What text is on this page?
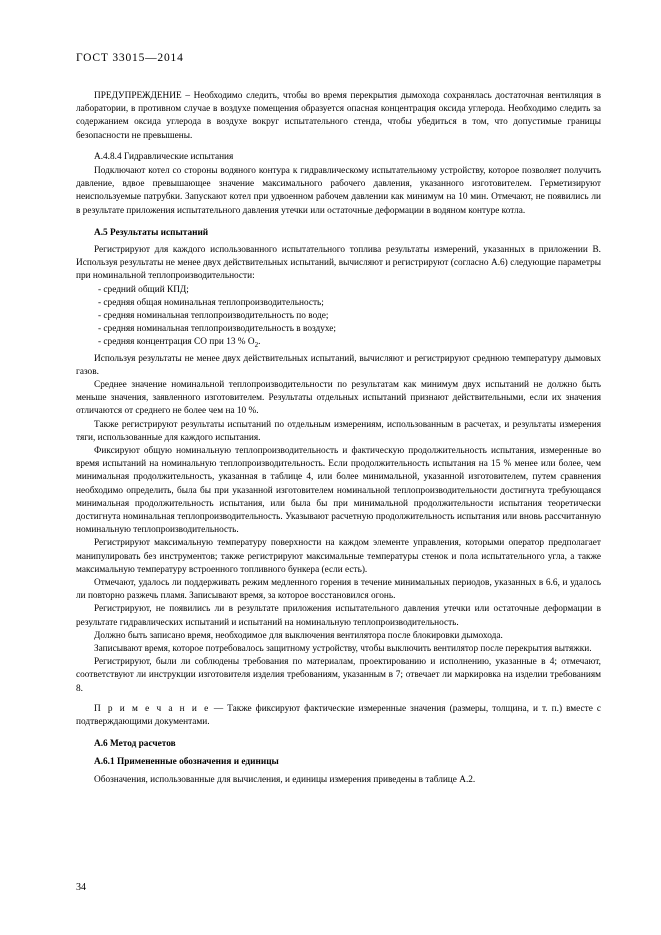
ГОСТ 33015—2014

ПРЕДУПРЕЖДЕНИЕ – Необходимо следить, чтобы во время перекрытия дымохода сохранялась достаточная вентиляция в лаборатории, в противном случае в воздухе помещения образуется опасная концентрация оксида углерода. Необходимо следить за содержанием оксида углерода в воздухе вокруг испытательного стенда, чтобы убедиться в том, что допустимые границы безопасности не превышены.

А.4.8.4 Гидравлические испытания

Подключают котел со стороны водяного контура к гидравлическому испытательному устройству, которое позволяет получить давление, вдвое превышающее значение максимального рабочего давления, указанного изготовителем. Герметизируют неиспользуемые патрубки. Запускают котел при удвоенном рабочем давлении как минимум на 10 мин. Отмечают, не появились ли в результате приложения испытательного давления утечки или остаточные деформации в водяном контуре котла.

А.5 Результаты испытаний

Регистрируют для каждого использованного испытательного топлива результаты измерений, указанных в приложении В. Используя результаты не менее двух действительных испытаний, вычисляют и регистрируют (согласно А.6) следующие параметры при номинальной теплопроизводительности:

- средний общий КПД;

- средняя общая номинальная теплопроизводительность;

- средняя номинальная теплопроизводительность по воде;

- средняя номинальная теплопроизводительность в воздухе;

- средняя концентрация СО при 13 % $О_2$.

Используя результаты не менее двух действительных испытаний, вычисляют и регистрируют среднюю температуру дымовых газов.

Среднее значение номинальной теплопроизводительности по результатам как минимум двух испытаний не должно быть меньше значения, заявленного изготовителем. Результаты отдельных испытаний признают действительными, если их значения отличаются от среднего не более чем на 10 %.

Также регистрируют результаты испытаний по отдельным измерениям, использованным в расчетах, и результаты измерения тяги, использованные для каждого испытания.

Фиксируют общую номинальную теплопроизводительность и фактическую продолжительность испытания, измеренные во время испытаний на номинальную теплопроизводительность. Если продолжительность испытания на 15 % менее или более, чем минимальная продолжительность, указанная в таблице 4, или более минимальной, указанной изготовителем, путем сравнения необходимо определить, была бы при указанной изготовителем номинальной теплопроизводительности достигнута требующаяся минимальная продолжительность испытания, или была бы при минимальной продолжительности испытания теоретически достигнута номинальная теплопроизводительность. Указывают расчетную продолжительность испытания или вновь рассчитанную номинальную теплопроизводительность.

Регистрируют максимальную температуру поверхности на каждом элементе управления, которыми оператор предполагает манипулировать без инструментов; также регистрируют максимальные температуры стенок и пола испытательного угла, а также максимальную температуру встроенного топливного бункера (если есть).

Отмечают, удалось ли поддерживать режим медленного горения в течение минимальных периодов, указанных в 6.6, и удалось ли повторно разжечь пламя. Записывают время, за которое восстановился огонь.

Регистрируют, не появились ли в результате приложения испытательного давления утечки или остаточные деформации в результате гидравлических испытаний и испытаний на номинальную теплопроизводительность.

Должно быть записано время, необходимое для выключения вентилятора после блокировки дымохода.

Записывают время, которое потребовалось защитному устройству, чтобы выключить вентилятор после перекрытия вытяжки.

Регистрируют, были ли соблюдены требования по материалам, проектированию и исполнению, указанные в 4; отмечают, соответствуют ли инструкции изготовителя изделия требованиям, указанным в 7; отвечает ли маркировка на изделии требованиям 8.

П р и м е ч а н и е — Также фиксируют фактические измеренные значения (размеры, толщина, и т. п.) вместе с подтверждающими документами.

А.6 Метод расчетов

А.6.1 Примененные обозначения и единицы

Обозначения, использованные для вычисления, и единицы измерения приведены в таблице А.2.

34
